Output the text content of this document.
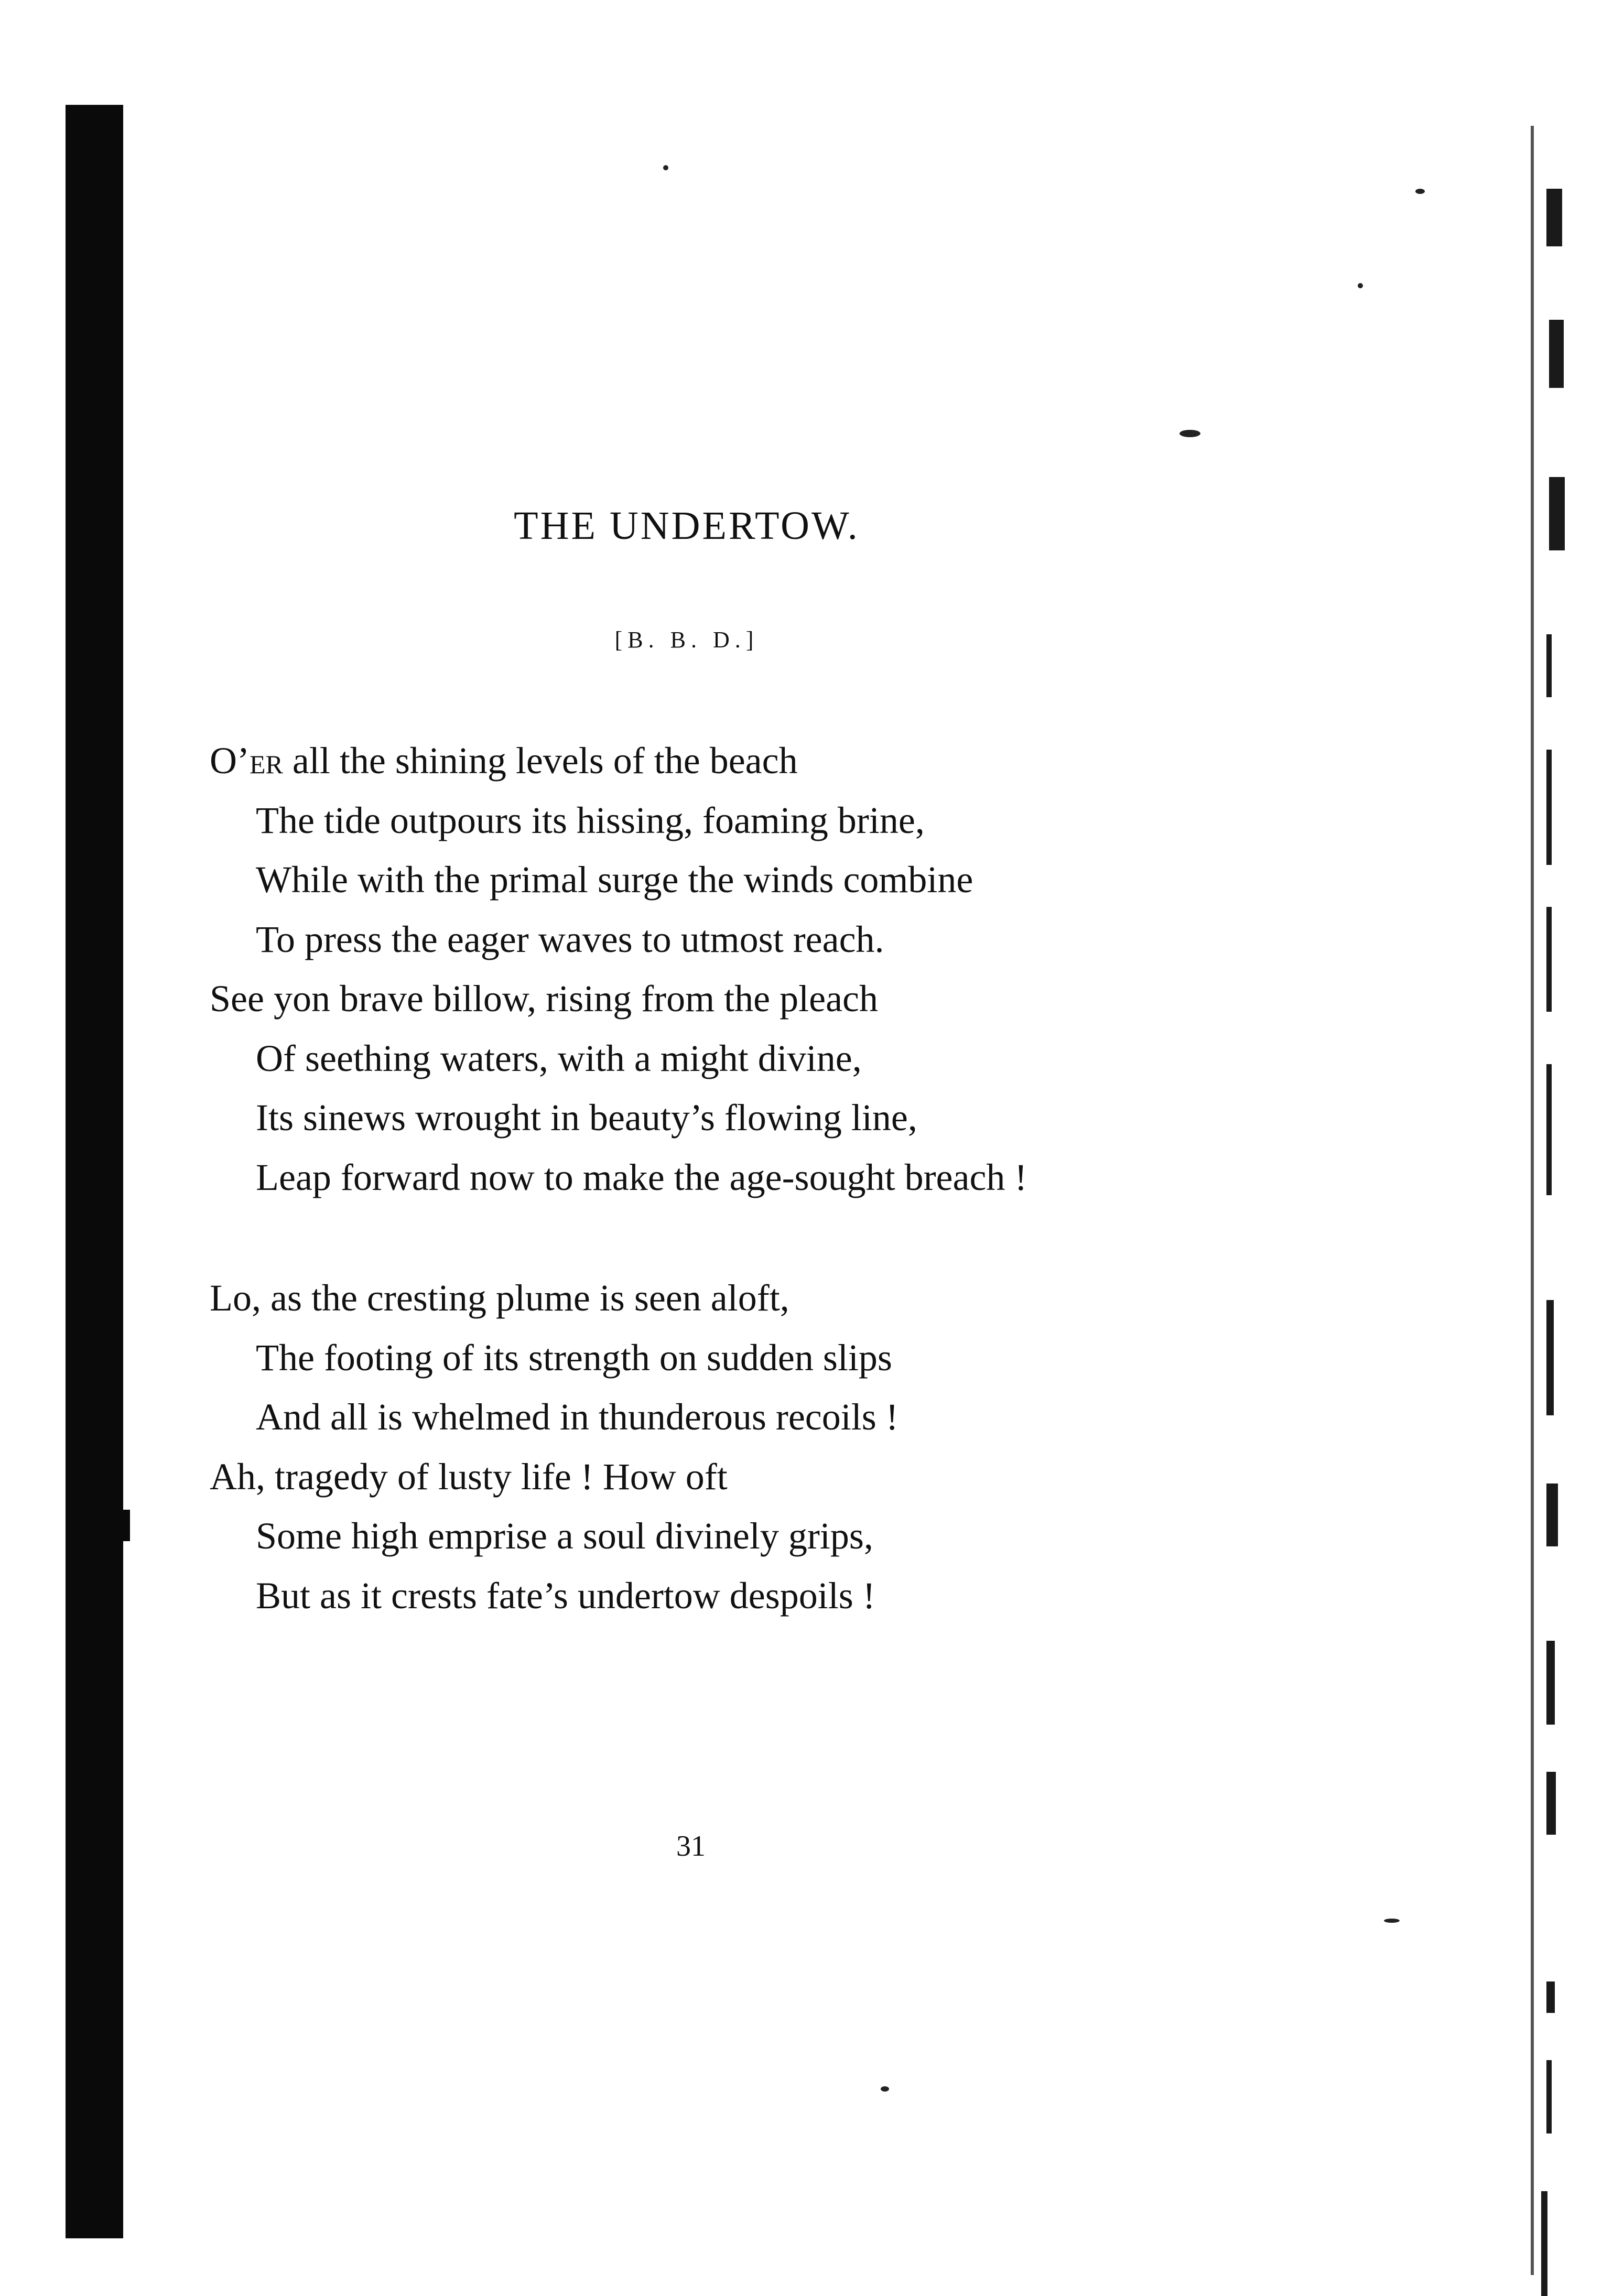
THE UNDERTOW.
[B. B. D.]
O’er all the shining levels of the beach
The tide outpours its hissing, foaming brine,
While with the primal surge the winds combine
To press the eager waves to utmost reach.
See yon brave billow, rising from the pleach
Of seething waters, with a might divine,
Its sinews wrought in beauty’s flowing line,
Leap forward now to make the age-sought breach !
Lo, as the cresting plume is seen aloft,
The footing of its strength on sudden slips
And all is whelmed in thunderous recoils !
Ah, tragedy of lusty life ! How oft
Some high emprise a soul divinely grips,
But as it crests fate’s undertow despoils !
31
